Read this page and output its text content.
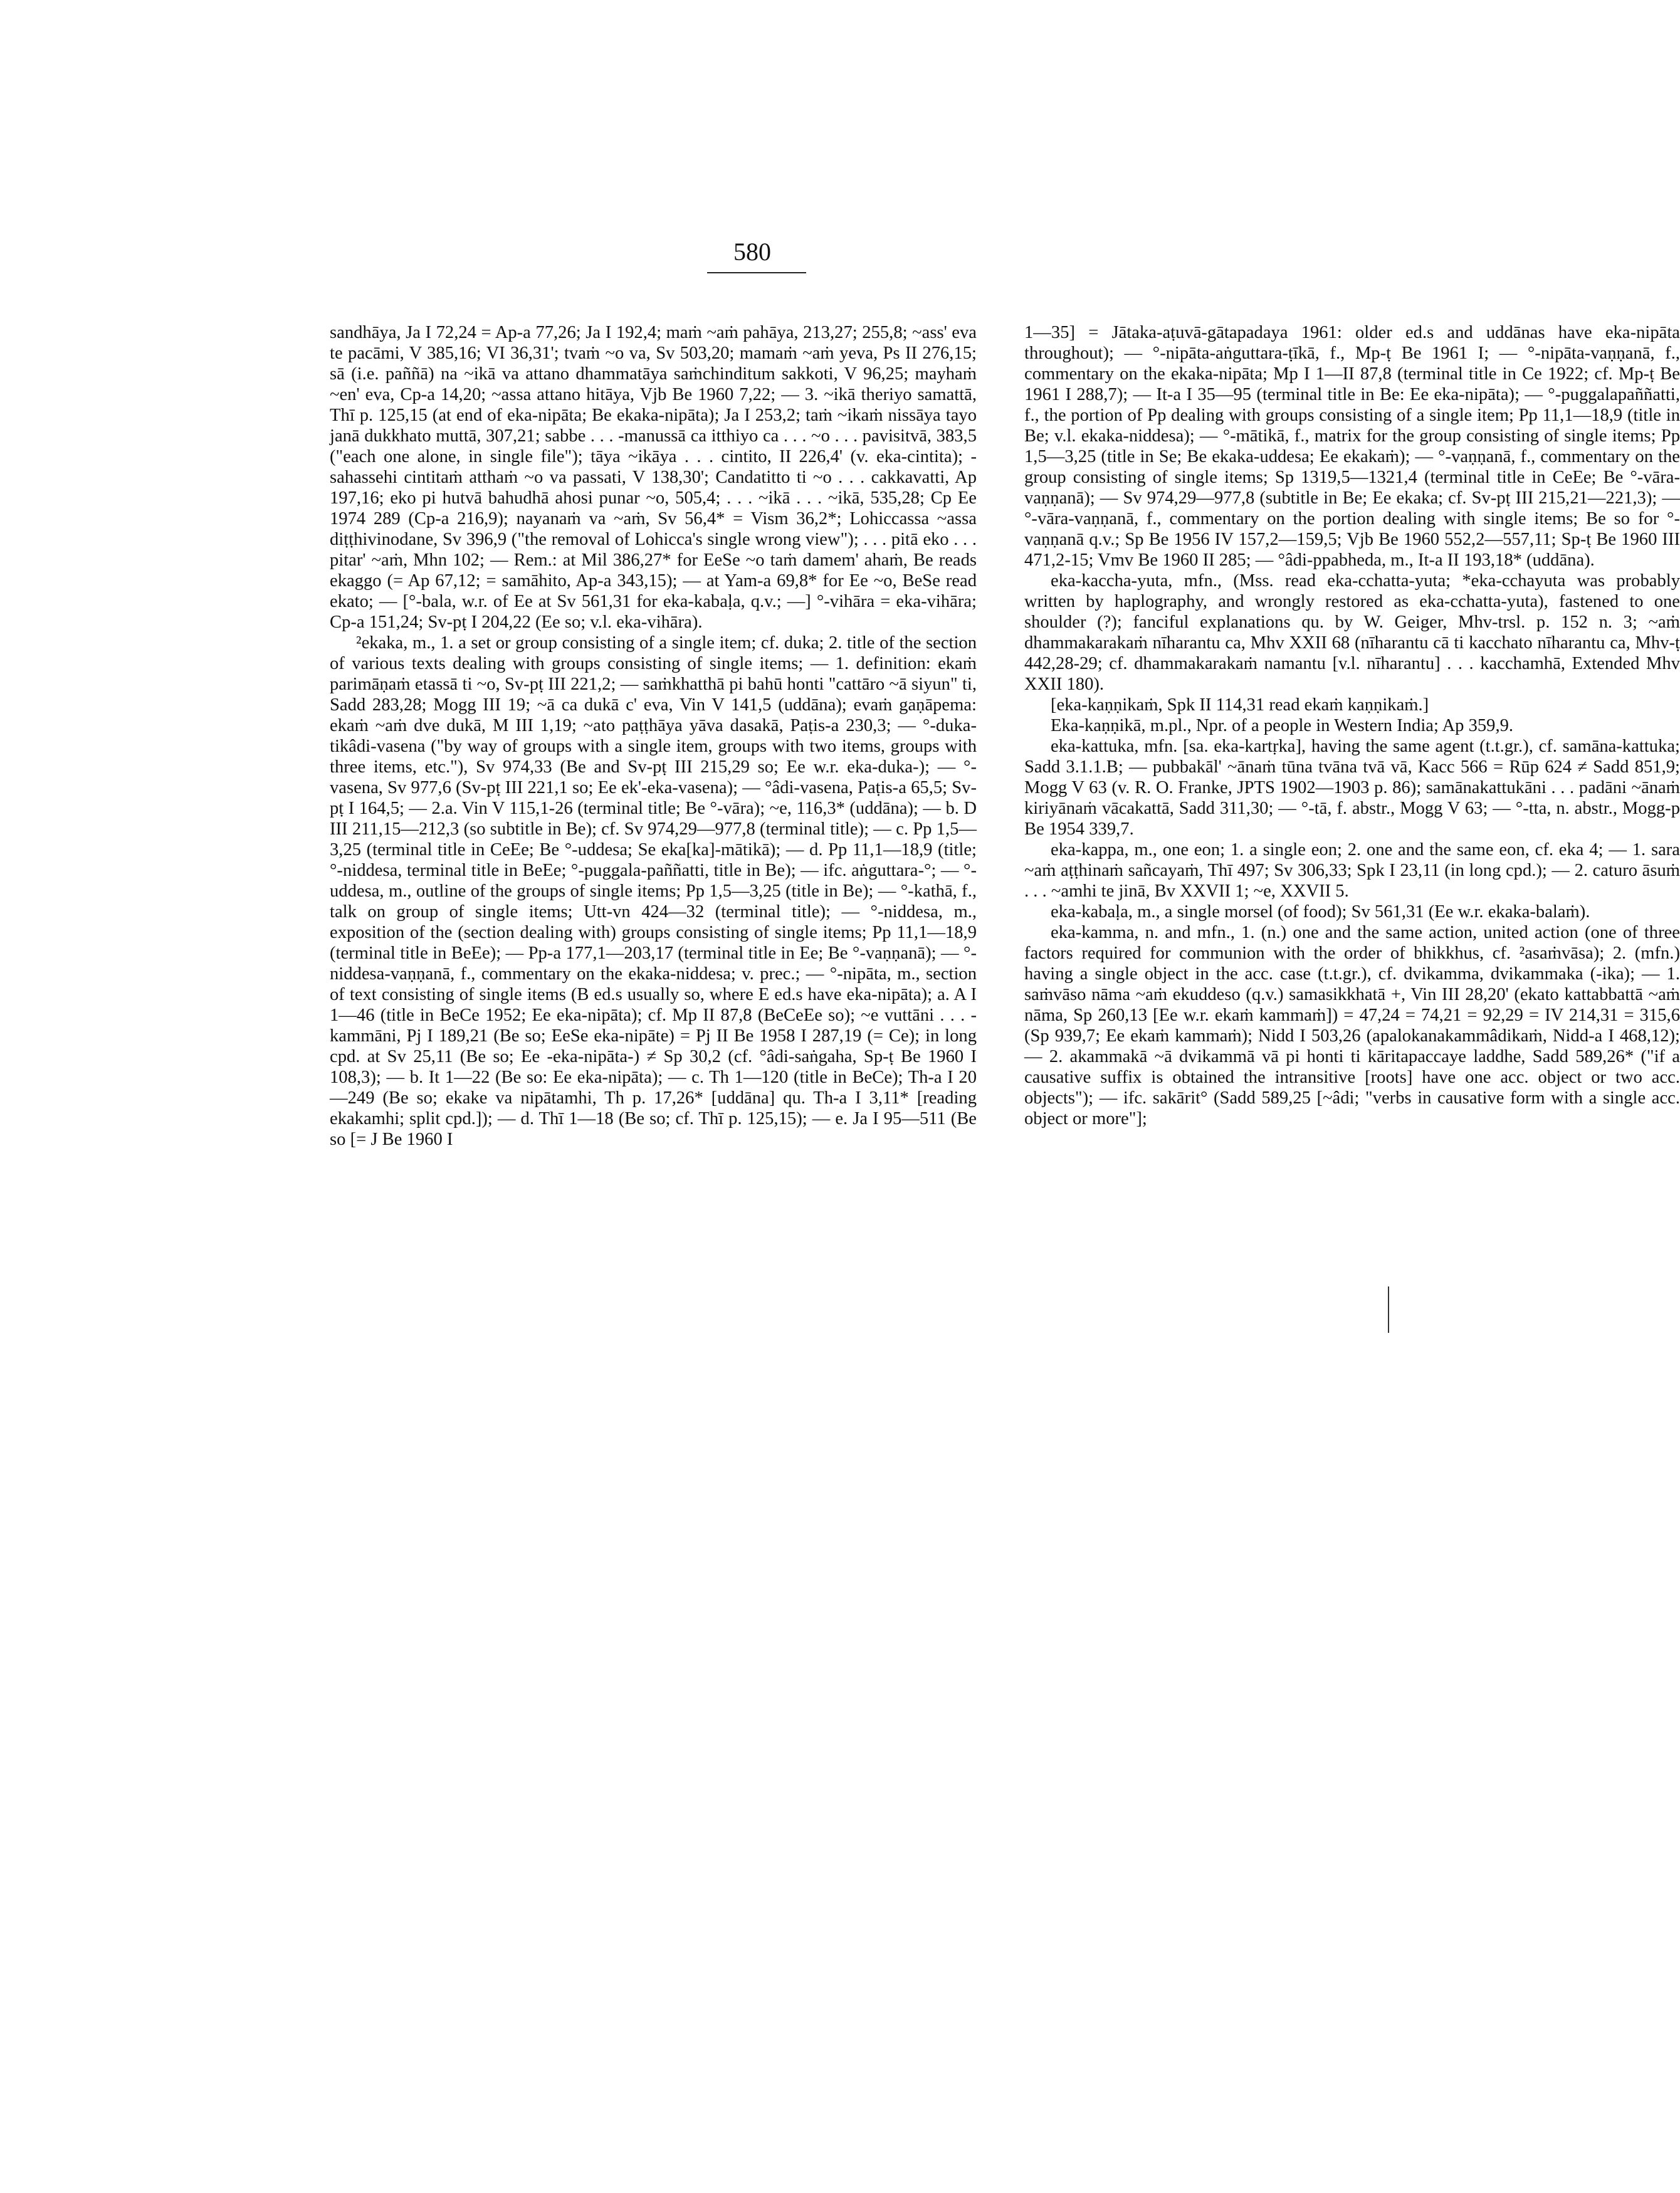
580

sandhāya, Ja I 72,24 = Ap-a 77,26; Ja I 192,4; maṁ ~aṁ pahāya, 213,27; 255,8; ~ass' eva te pacāmi, V 385,16; VI 36,31'; tvaṁ ~o va, Sv 503,20; mamaṁ ~aṁ yeva, Ps II 276,15; sā (i.e. paññā) na ~ikā va attano dhammatāya saṁchinditum sakkoti, V 96,25; mayhaṁ ~en' eva, Cp-a 14,20; ~assa attano hitāya, Vjb Be 1960 7,22; — 3. ~ikā theriyo samattā, Thī p. 125,15 (at end of eka-nipāta; Be ekaka-nipāta); Ja I 253,2; taṁ ~ikaṁ nissāya tayo janā dukkhato muttā, 307,21; sabbe . . . -manussā ca itthiyo ca . . . ~o . . . pavisitvā, 383,5 ("each one alone, in single file"); tāya ~ikāya . . . cintito, II 226,4' (v. eka-cintita); -sahassehi cintitaṁ atthaṁ ~o va passati, V 138,30'; Candatitto ti ~o . . . cakkavatti, Ap 197,16; eko pi hutvā bahudhā ahosi punar ~o, 505,4; . . . ~ikā . . . ~ikā, 535,28; Cp Ee 1974 289 (Cp-a 216,9); nayanaṁ va ~aṁ, Sv 56,4* = Vism 36,2*; Lohiccassa ~assa diṭṭhivinodane, Sv 396,9 ("the removal of Lohicca's single wrong view"); . . . pitā eko . . . pitar' ~aṁ, Mhn 102; — Rem.: at Mil 386,27* for EeSe ~o taṁ damem' ahaṁ, Be reads ekaggo (= Ap 67,12; = samāhito, Ap-a 343,15); — at Yam-a 69,8* for Ee ~o, BeSe read ekato; — [°-bala, w.r. of Ee at Sv 561,31 for eka-kabaḷa, q.v.; —] °-vihāra = eka-vihāra; Cp-a 151,24; Sv-pṭ I 204,22 (Ee so; v.l. eka-vihāra).

²ekaka, m., 1. a set or group consisting of a single item; cf. duka; 2. title of the section of various texts dealing with groups consisting of single items; — 1. definition: ekaṁ parimāṇaṁ etassā ti ~o, Sv-pṭ III 221,2; — saṁkhatthā pi bahū honti "cattāro ~ā siyun" ti, Sadd 283,28; Mogg III 19; ~ā ca dukā c' eva, Vin V 141,5 (uddāna); evaṁ gaṇāpema: ekaṁ ~aṁ dve dukā, M III 1,19; ~ato paṭṭhāya yāva dasakā, Paṭis-a 230,3; — °-duka-tikâdi-vasena ("by way of groups with a single item, groups with two items, groups with three items, etc."), Sv 974,33 (Be and Sv-pṭ III 215,29 so; Ee w.r. eka-duka-); — °-vasena, Sv 977,6 (Sv-pṭ III 221,1 so; Ee ek'-eka-vasena); — °âdi-vasena, Paṭis-a 65,5; Sv-pṭ I 164,5; — 2.a. Vin V 115,1-26 (terminal title; Be °-vāra); ~e, 116,3* (uddāna); — b. D III 211,15—212,3 (so subtitle in Be); cf. Sv 974,29—977,8 (terminal title); — c. Pp 1,5—3,25 (terminal title in CeEe; Be °-uddesa; Se eka[ka]-mātikā); — d. Pp 11,1—18,9 (title; °-niddesa, terminal title in BeEe; °-puggala-paññatti, title in Be); — ifc. aṅguttara-°; — °-uddesa, m., outline of the groups of single items; Pp 1,5—3,25 (title in Be); — °-kathā, f., talk on group of single items; Utt-vn 424—32 (terminal title); — °-niddesa, m., exposition of the (section dealing with) groups consisting of single items; Pp 11,1—18,9 (terminal title in BeEe); — Pp-a 177,1—203,17 (terminal title in Ee; Be °-vaṇṇanā); — °-niddesa-vaṇṇanā, f., commentary on the ekaka-niddesa; v. prec.; — °-nipāta, m., section of text consisting of single items (B ed.s usually so, where E ed.s have eka-nipāta); a. A I 1—46 (title in BeCe 1952; Ee eka-nipāta); cf. Mp II 87,8 (BeCeEe so); ~e vuttāni . . . -kammāni, Pj I 189,21 (Be so; EeSe eka-nipāte) = Pj II Be 1958 I 287,19 (= Ce); in long cpd. at Sv 25,11 (Be so; Ee -eka-nipāta-) ≠ Sp 30,2 (cf. °âdi-saṅgaha, Sp-ṭ Be 1960 I 108,3); — b. It 1—22 (Be so: Ee eka-nipāta); — c. Th 1—120 (title in BeCe); Th-a I 20—249 (Be so; ekake va nipātamhi, Th p. 17,26* [uddāna] qu. Th-a I 3,11* [reading ekakamhi; split cpd.]); — d. Thī 1—18 (Be so; cf. Thī p. 125,15); — e. Ja I 95—511 (Be so [= J Be 1960 I

1—35] = Jātaka-aṭuvā-gātapadaya 1961: older ed.s and uddānas have eka-nipāta throughout); — °-nipāta-aṅguttara-ṭīkā, f., Mp-ṭ Be 1961 I; — °-nipāta-vaṇṇanā, f., commentary on the ekaka-nipāta; Mp I 1—II 87,8 (terminal title in Ce 1922; cf. Mp-ṭ Be 1961 I 288,7); — It-a I 35—95 (terminal title in Be: Ee eka-nipāta); — °-puggalapaññatti, f., the portion of Pp dealing with groups consisting of a single item; Pp 11,1—18,9 (title in Be; v.l. ekaka-niddesa); — °-mātikā, f., matrix for the group consisting of single items; Pp 1,5—3,25 (title in Se; Be ekaka-uddesa; Ee ekakaṁ); — °-vaṇṇanā, f., commentary on the group consisting of single items; Sp 1319,5—1321,4 (terminal title in CeEe; Be °-vāra-vaṇṇanā); — Sv 974,29—977,8 (subtitle in Be; Ee ekaka; cf. Sv-pṭ III 215,21—221,3); — °-vāra-vaṇṇanā, f., commentary on the portion dealing with single items; Be so for °-vaṇṇanā q.v.; Sp Be 1956 IV 157,2—159,5; Vjb Be 1960 552,2—557,11; Sp-ṭ Be 1960 III 471,2-15; Vmv Be 1960 II 285; — °âdi-ppabheda, m., It-a II 193,18* (uddāna).

eka-kaccha-yuta, mfn., (Mss. read eka-cchatta-yuta; *eka-cchayuta was probably written by haplography, and wrongly restored as eka-cchatta-yuta), fastened to one shoulder (?); fanciful explanations qu. by W. Geiger, Mhv-trsl. p. 152 n. 3; ~aṁ dhammakarakaṁ nīharantu ca, Mhv XXII 68 (nīharantu cā ti kacchato nīharantu ca, Mhv-ṭ 442,28-29; cf. dhammakarakaṁ namantu [v.l. nīharantu] . . . kacchamhā, Extended Mhv XXII 180).

[eka-kaṇṇikaṁ, Spk II 114,31 read ekaṁ kaṇṇikaṁ.]

Eka-kaṇṇikā, m.pl., Npr. of a people in Western India; Ap 359,9.

eka-kattuka, mfn. [sa. eka-kartṛka], having the same agent (t.t.gr.), cf. samāna-kattuka; Sadd 3.1.1.B; — pubbakāl' ~ānaṁ tūna tvāna tvā vā, Kacc 566 = Rūp 624 ≠ Sadd 851,9; Mogg V 63 (v. R. O. Franke, JPTS 1902—1903 p. 86); samānakattukāni . . . padāni ~ānaṁ kiriyānaṁ vācakattā, Sadd 311,30; — °-tā, f. abstr., Mogg V 63; — °-tta, n. abstr., Mogg-p Be 1954 339,7.

eka-kappa, m., one eon; 1. a single eon; 2. one and the same eon, cf. eka 4; — 1. sara ~aṁ aṭṭhinaṁ sañcayaṁ, Thī 497; Sv 306,33; Spk I 23,11 (in long cpd.); — 2. caturo āsuṁ . . . ~amhi te jinā, Bv XXVII 1; ~e, XXVII 5.

eka-kabaḷa, m., a single morsel (of food); Sv 561,31 (Ee w.r. ekaka-balaṁ).

eka-kamma, n. and mfn., 1. (n.) one and the same action, united action (one of three factors required for communion with the order of bhikkhus, cf. ²asaṁvāsa); 2. (mfn.) having a single object in the acc. case (t.t.gr.), cf. dvikamma, dvikammaka (-ika); — 1. saṁvāso nāma ~aṁ ekuddeso (q.v.) samasikkhatā +, Vin III 28,20' (ekato kattabbattā ~aṁ nāma, Sp 260,13 [Ee w.r. ekaṁ kammaṁ]) = 47,24 = 74,21 = 92,29 = IV 214,31 = 315,6 (Sp 939,7; Ee ekaṁ kammaṁ); Nidd I 503,26 (apalokanakammâdikaṁ, Nidd-a I 468,12); — 2. akammakā ~ā dvikammā vā pi honti ti kāritapaccaye laddhe, Sadd 589,26* ("if a causative suffix is obtained the intransitive [roots] have one acc. object or two acc. objects"); — ifc. sakārit° (Sadd 589,25 [~âdi; "verbs in causative form with a single acc. object or more"];
